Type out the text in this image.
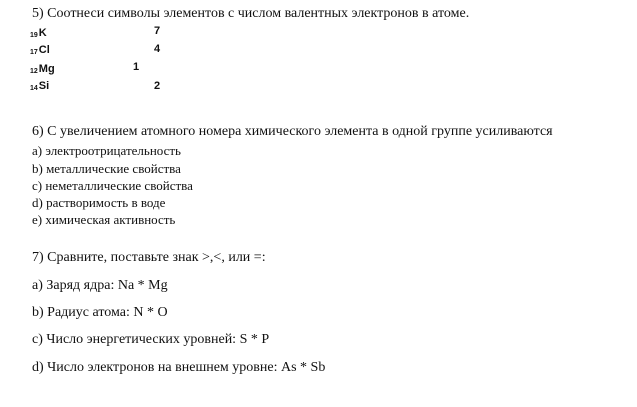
5) Соотнеси символы элементов с числом валентных электронов в атоме.
$_{19}$K
$_{17}$Cl
$_{12}$Mg
$_{14}$Si
7
4
1
2
6) С увеличением атомного номера химического элемента в одной группе усиливаются
a) электроотрицательность
b) металлические свойства
c) неметаллические свойства
d) растворимость в воде
e) химическая активность
7) Сравните, поставьте знак >,<, или =:
a) Заряд ядра: Na * Mg
b) Радиус атома: N * O
c) Число энергетических уровней: S * P
d) Число электронов на внешнем уровне: As * Sb
